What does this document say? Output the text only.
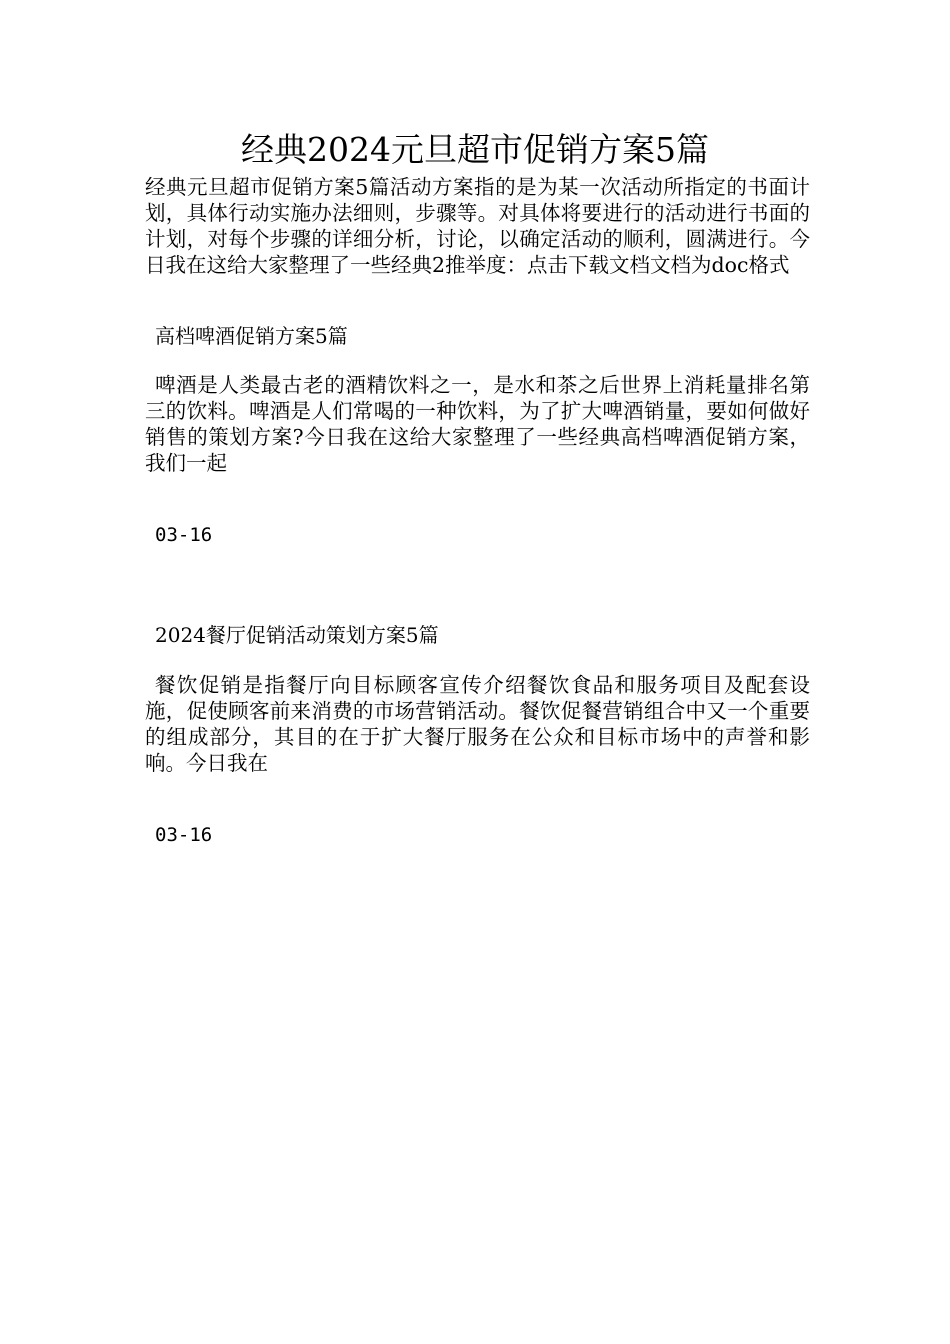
经典2024元旦超市促销方案5篇

经典元旦超市促销方案5篇活动方案指的是为某一次活动所指定的书面计划，具体行动实施办法细则，步骤等。对具体将要进行的活动进行书面的计划，对每个步骤的详细分析，讨论，以确定活动的顺利，圆满进行。今日我在这给大家整理了一些经典2推举度：点击下载文档文档为doc格式

高档啤酒促销方案5篇

啤酒是人类最古老的酒精饮料之一，是水和茶之后世界上消耗量排名第三的饮料。啤酒是人们常喝的一种饮料，为了扩大啤酒销量，要如何做好销售的策划方案?今日我在这给大家整理了一些经典高档啤酒促销方案，我们一起

03-16

2024餐厅促销活动策划方案5篇

餐饮促销是指餐厅向目标顾客宣传介绍餐饮食品和服务项目及配套设施，促使顾客前来消费的市场营销活动。餐饮促餐营销组合中又一个重要的组成部分，其目的在于扩大餐厅服务在公众和目标市场中的声誉和影响。今日我在

03-16
